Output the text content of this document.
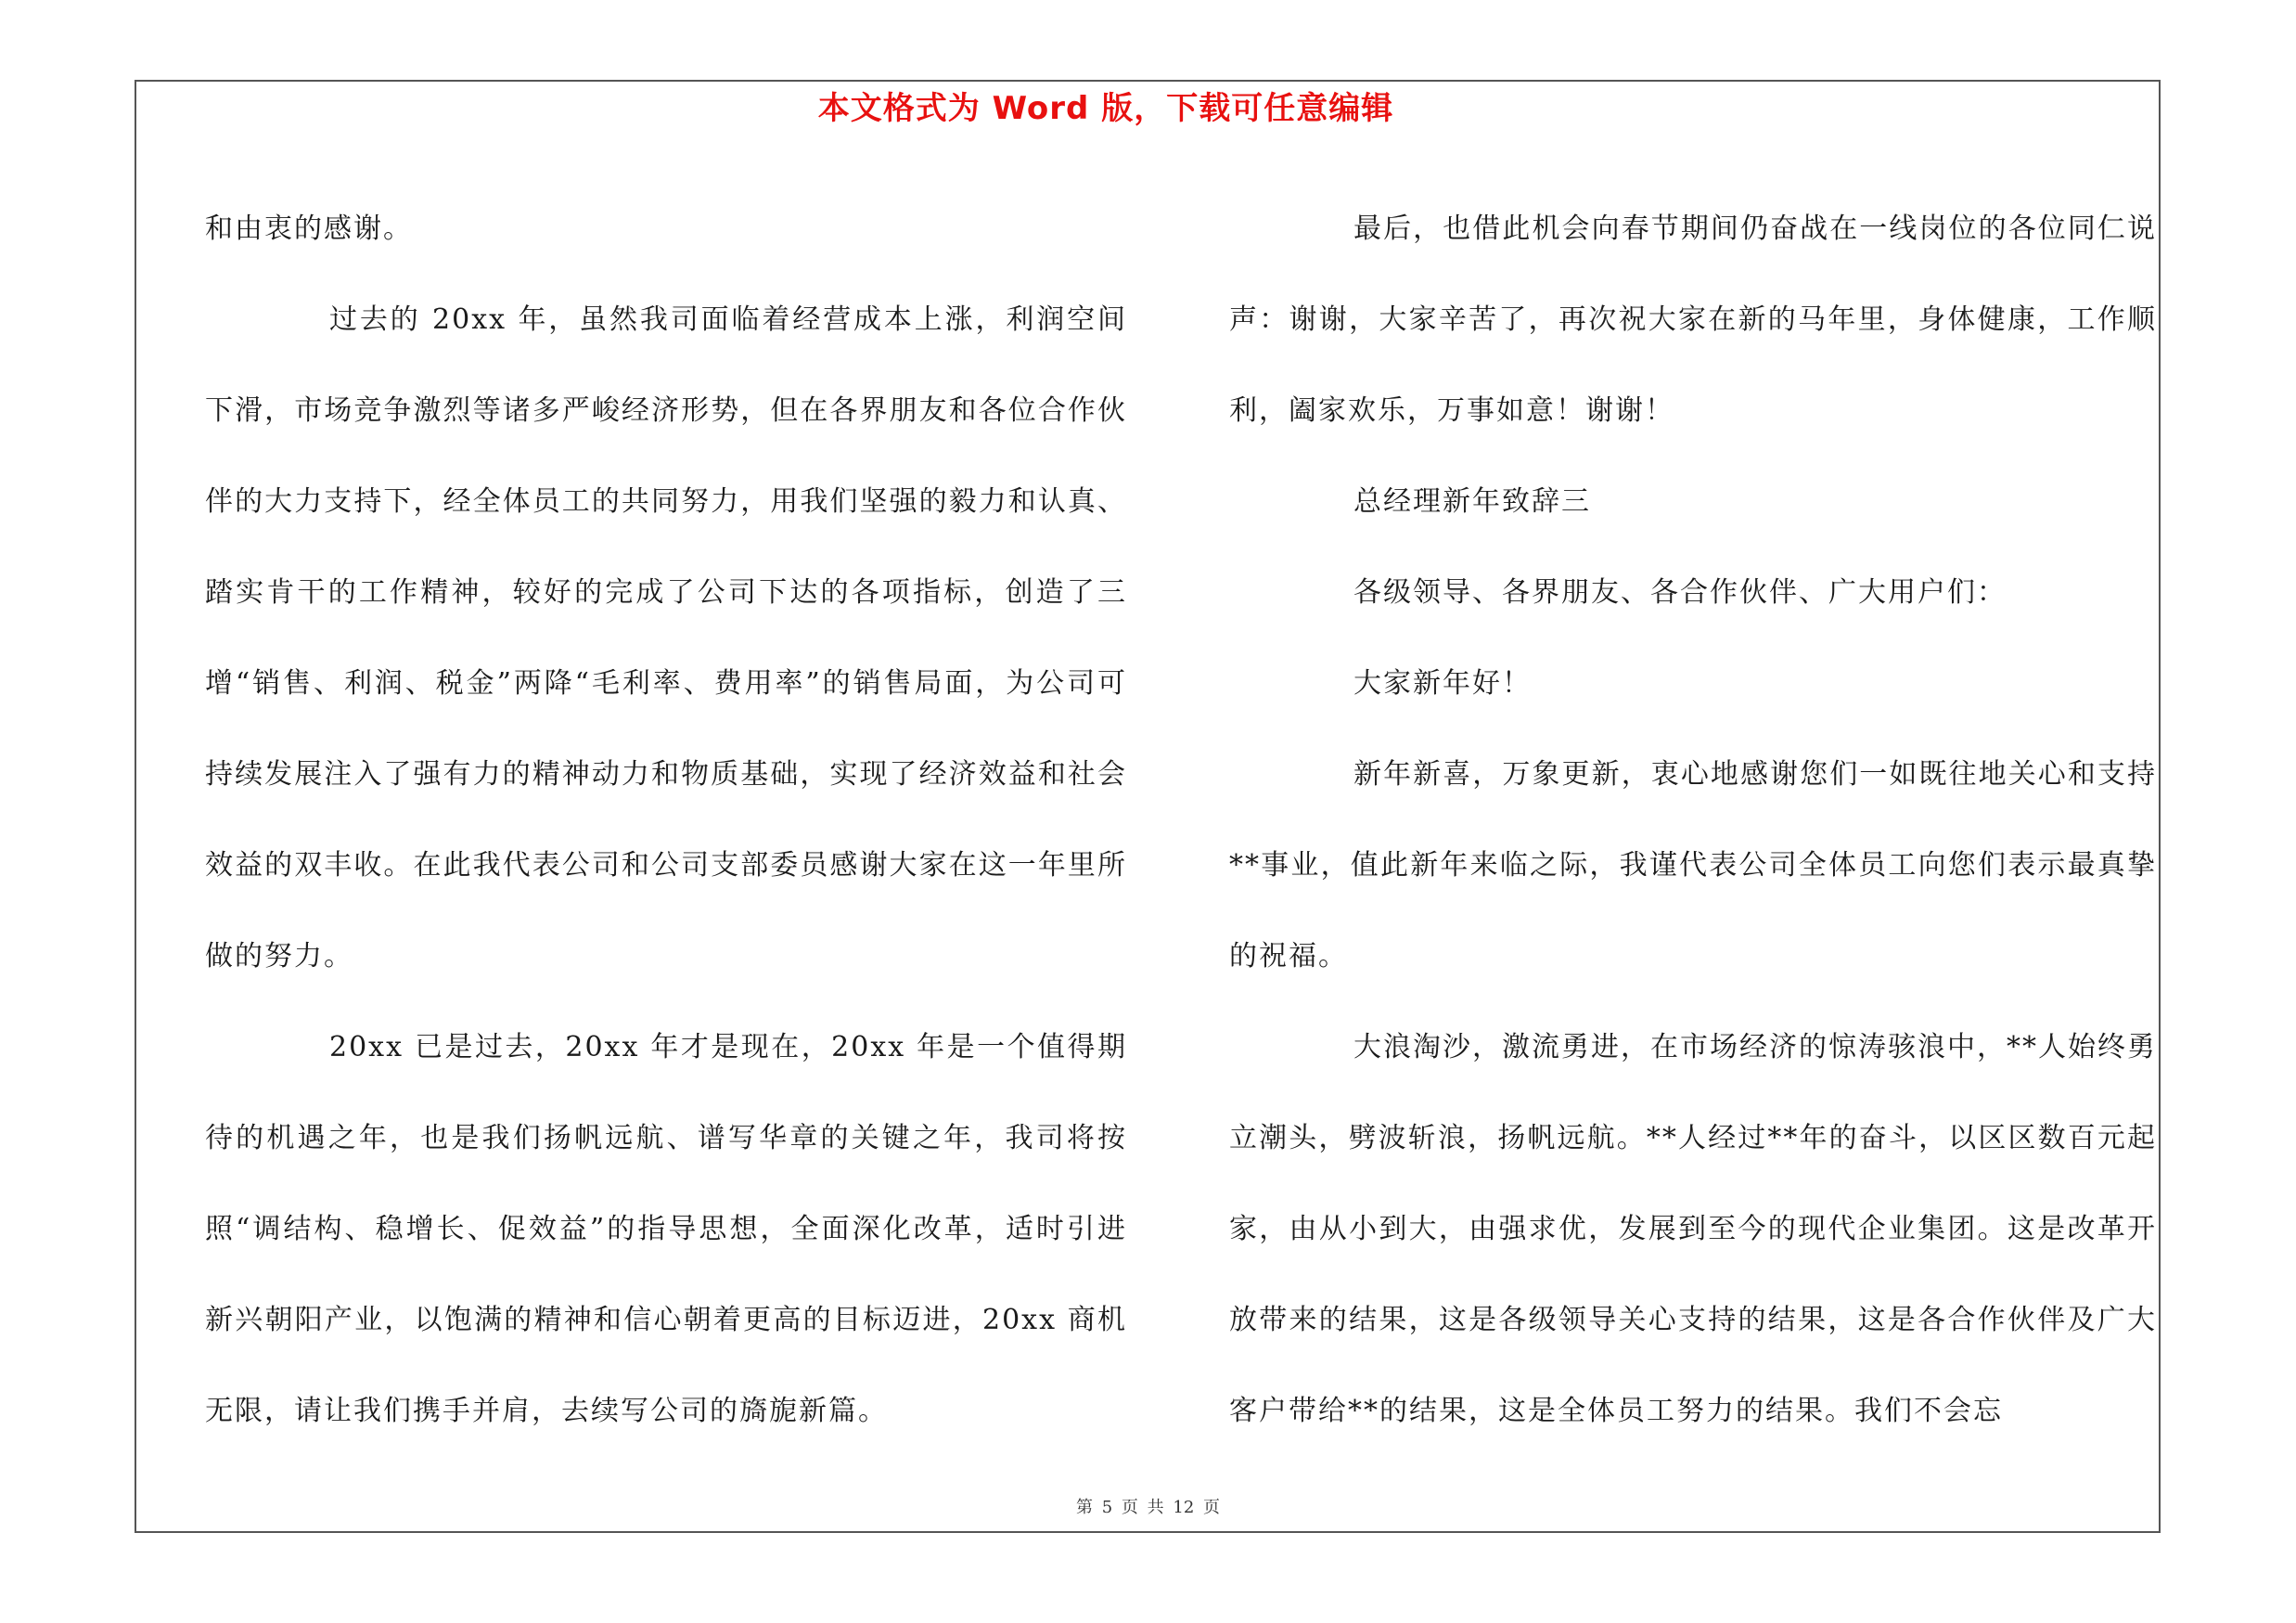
本文格式为 Word 版，下载可任意编辑

和由衷的感谢。

过去的 20xx 年，虽然我司面临着经营成本上涨，利润空间下滑，市场竞争激烈等诸多严峻经济形势，但在各界朋友和各位合作伙伴的大力支持下，经全体员工的共同努力，用我们坚强的毅力和认真、踏实肯干的工作精神，较好的完成了公司下达的各项指标，创造了三增“销售、利润、税金”两降“毛利率、费用率”的销售局面，为公司可持续发展注入了强有力的精神动力和物质基础，实现了经济效益和社会效益的双丰收。在此我代表公司和公司支部委员感谢大家在这一年里所做的努力。

20xx 已是过去，20xx 年才是现在，20xx 年是一个值得期待的机遇之年，也是我们扬帆远航、谱写华章的关键之年，我司将按照“调结构、稳增长、促效益”的指导思想，全面深化改革，适时引进新兴朝阳产业，以饱满的精神和信心朝着更高的目标迈进，20xx 商机无限，请让我们携手并肩，去续写公司的旖旎新篇。

最后，也借此机会向春节期间仍奋战在一线岗位的各位同仁说声：谢谢，大家辛苦了，再次祝大家在新的马年里，身体健康，工作顺利，阖家欢乐，万事如意！谢谢！

总经理新年致辞三

各级领导、各界朋友、各合作伙伴、广大用户们：

大家新年好！

新年新喜，万象更新，衷心地感谢您们一如既往地关心和支持**事业，值此新年来临之际，我谨代表公司全体员工向您们表示最真挚的祝福。

大浪淘沙，激流勇进，在市场经济的惊涛骇浪中，**人始终勇立潮头，劈波斩浪，扬帆远航。**人经过**年的奋斗，以区区数百元起家，由从小到大，由强求优，发展到至今的现代企业集团。这是改革开放带来的结果，这是各级领导关心支持的结果，这是各合作伙伴及广大客户带给**的结果，这是全体员工努力的结果。我们不会忘

第 5 页 共 12 页
